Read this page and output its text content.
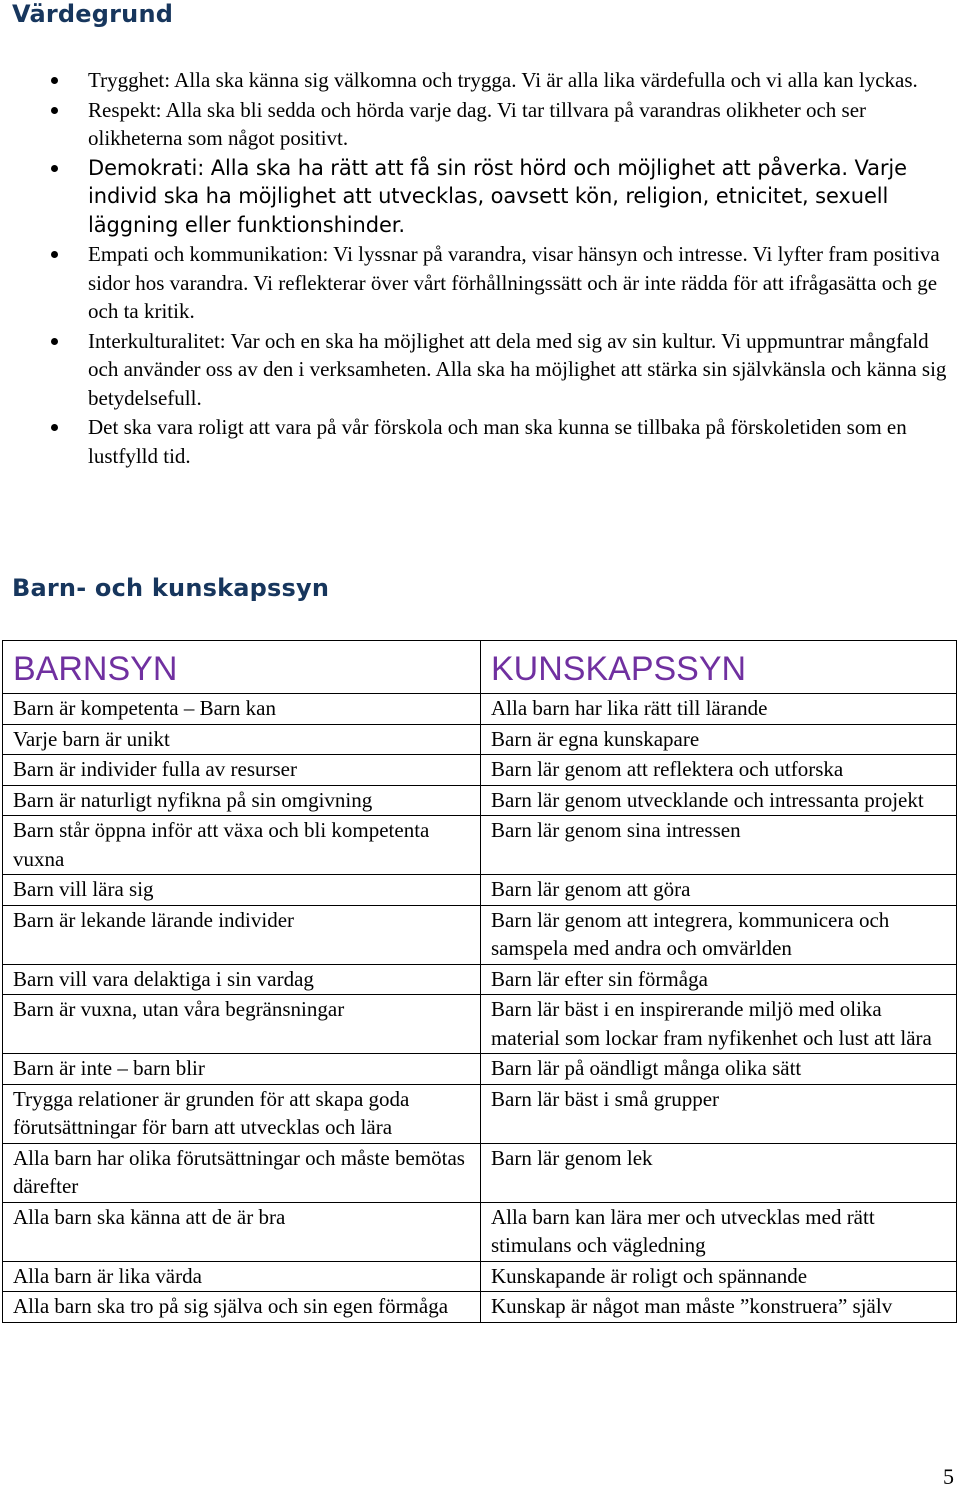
Värdegrund
Trygghet: Alla ska känna sig välkomna och trygga. Vi är alla lika värdefulla och vi alla kan lyckas.
Respekt: Alla ska bli sedda och hörda varje dag. Vi tar tillvara på varandras olikheter och ser olikheterna som något positivt.
Demokrati: Alla ska ha rätt att få sin röst hörd och möjlighet att påverka. Varje individ ska ha möjlighet att utvecklas, oavsett kön, religion, etnicitet, sexuell läggning eller funktionshinder.
Empati och kommunikation: Vi lyssnar på varandra, visar hänsyn och intresse. Vi lyfter fram positiva sidor hos varandra. Vi reflekterar över vårt förhållningssätt och är inte rädda för att ifrågasätta och ge och ta kritik.
Interkulturalitet: Var och en ska ha möjlighet att dela med sig av sin kultur. Vi uppmuntrar mångfald och använder oss av den i verksamheten. Alla ska ha möjlighet att stärka sin självkänsla och känna sig betydelsefull.
Det ska vara roligt att vara på vår förskola och man ska kunna se tillbaka på förskoletiden som en lustfylld tid.
Barn- och kunskapssyn
BARNSYN	KUNSKAPSSYN
Barn är kompetenta – Barn kan	Alla barn har lika rätt till lärande
Varje barn är unikt	Barn är egna kunskapare
Barn är individer fulla av resurser	Barn lär genom att reflektera och utforska
Barn är naturligt nyfikna på sin omgivning	Barn lär genom utvecklande och intressanta projekt
Barn står öppna inför att växa och bli kompetenta vuxna	Barn lär genom sina intressen
Barn vill lära sig	Barn lär genom att göra
Barn är lekande lärande individer	Barn lär genom att integrera, kommunicera och samspela med andra och omvärlden
Barn vill vara delaktiga i sin vardag	Barn lär efter sin förmåga
Barn är vuxna, utan våra begränsningar	Barn lär bäst i en inspirerande miljö med olika material som lockar fram nyfikenhet och lust att lära
Barn är inte – barn blir	Barn lär på oändligt många olika sätt
Trygga relationer är grunden för att skapa goda förutsättningar för barn att utvecklas och lära	Barn lär bäst i små grupper
Alla barn har olika förutsättningar och måste bemötas därefter	Barn lär genom lek
Alla barn ska känna att de är bra	Alla barn kan lära mer och utvecklas med rätt stimulans och vägledning
Alla barn är lika värda	Kunskapande är roligt och spännande
Alla barn ska tro på sig själva och sin egen förmåga	Kunskap är något man måste ”konstruera” själv
5
